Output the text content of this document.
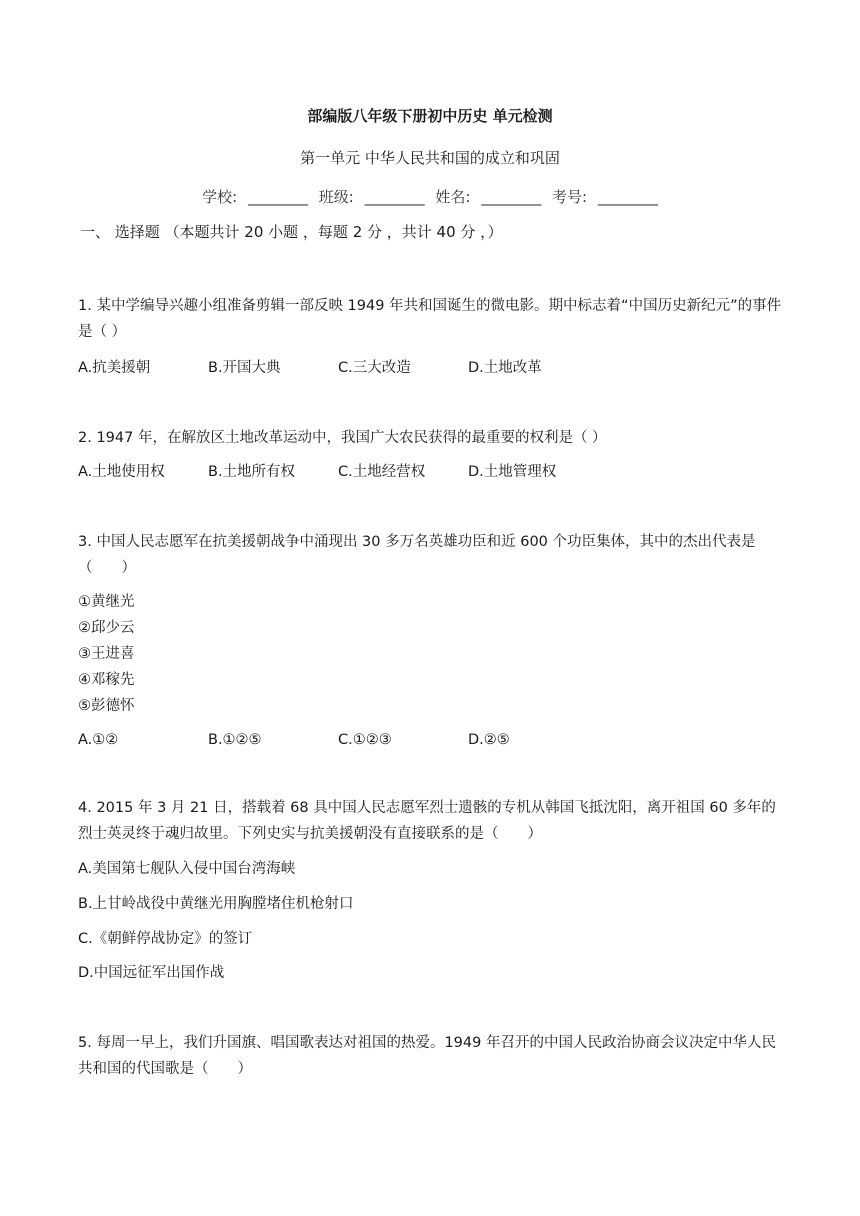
部编版八年级下册初中历史 单元检测
第一单元 中华人民共和国的成立和巩固
学校: ________ 班级: ________ 姓名: ________ 考号: ________
一、 选择题 （本题共计 20 小题 ，每题 2 分 ，共计 40 分 ，）
1. 某中学编导兴趣小组准备剪辑一部反映 1949 年共和国诞生的微电影。期中标志着“中国历史新纪元”的事件是（ ）
A.抗美援朝	B.开国大典	C.三大改造	D.土地改革
2. 1947 年，在解放区土地改革运动中，我国广大农民获得的最重要的权利是（ ）
A.土地使用权	B.土地所有权	C.土地经营权	D.土地管理权
3. 中国人民志愿军在抗美援朝战争中涌现出 30 多万名英雄功臣和近 600 个功臣集体，其中的杰出代表是（　　）
①黄继光
②邱少云
③王进喜
④邓稼先
⑤彭德怀
A.①②	B.①②⑤	C.①②③	D.②⑤
4. 2015 年 3 月 21 日，搭载着 68 具中国人民志愿军烈士遗骸的专机从韩国飞抵沈阳，离开祖国 60 多年的烈士英灵终于魂归故里。下列史实与抗美援朝没有直接联系的是（　　）
A.美国第七舰队入侵中国台湾海峡
B.上甘岭战役中黄继光用胸膛堵住机枪射口
C.《朝鲜停战协定》的签订
D.中国远征军出国作战
5. 每周一早上，我们升国旗、唱国歌表达对祖国的热爱。1949 年召开的中国人民政治协商会议决定中华人民共和国的代国歌是（　　）
